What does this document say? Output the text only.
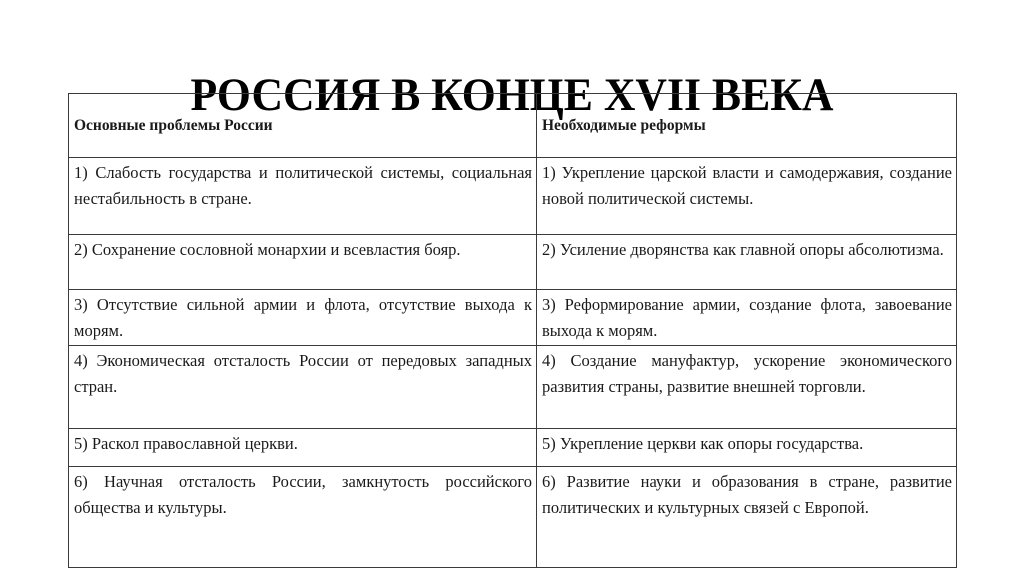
РОССИЯ В КОНЦЕ XVII ВЕКА
Основные проблемы России	Необходимые реформы

1) Слабость государства и политической системы, социальная нестабильность в стране.	1) Укрепление царской власти и самодержавия, создание новой политической системы.

2) Сохранение сословной монархии и всевластия бояр.	2) Усиление дворянства как главной опоры абсолютизма.

3) Отсутствие сильной армии и флота, отсутствие выхода к морям.	3) Реформирование армии, создание флота, завоевание выхода к морям.

4) Экономическая отсталость России от передовых западных стран.	4) Создание мануфактур, ускорение экономического развития страны, развитие внешней торговли.

5) Раскол православной церкви.	5) Укрепление церкви как опоры государства.

6) Научная отсталость России, замкнутость российского общества и культуры.	6) Развитие науки и образования в стране, развитие политических и культурных связей с Европой.
